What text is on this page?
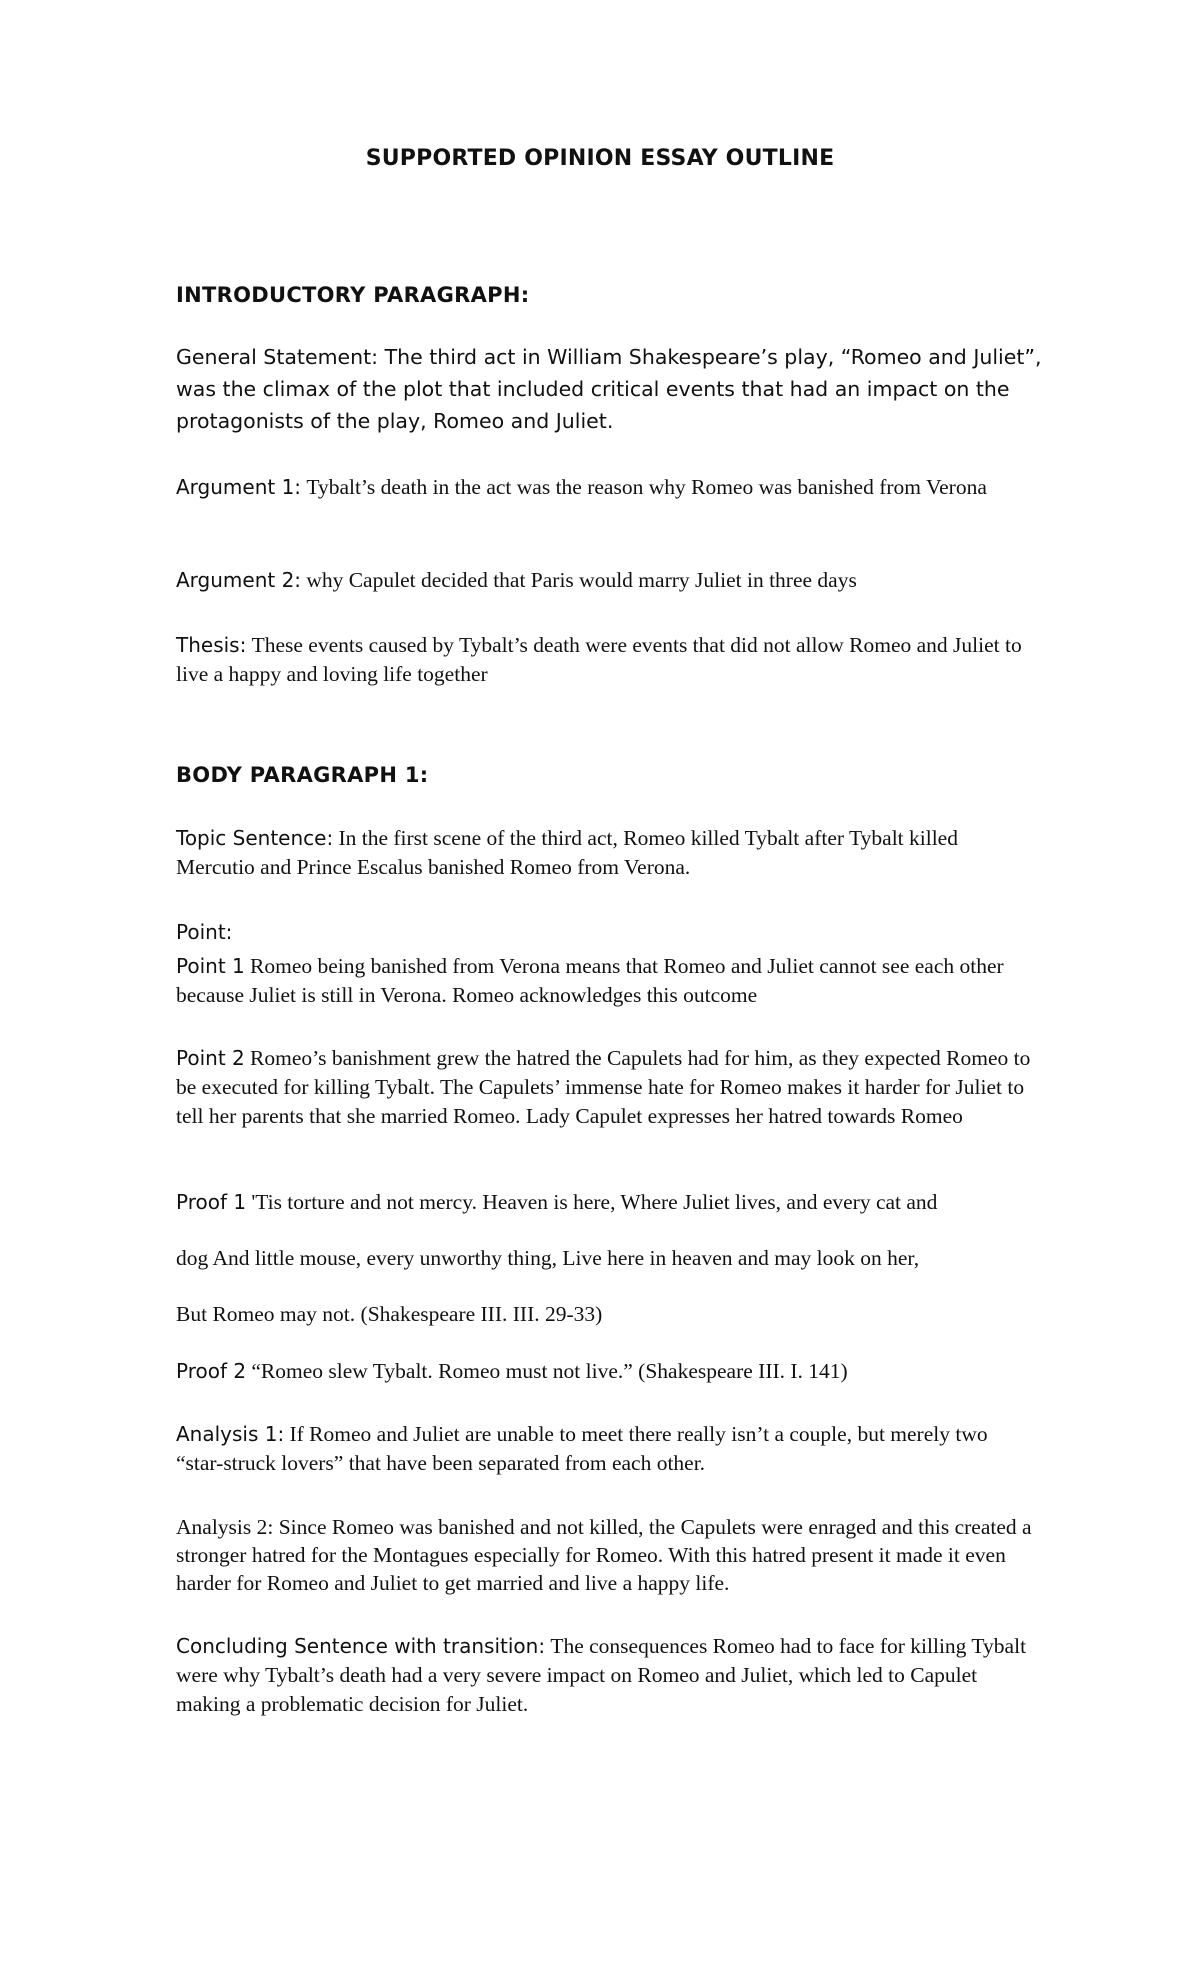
SUPPORTED OPINION ESSAY OUTLINE
INTRODUCTORY PARAGRAPH:
General Statement: The third act in William Shakespeare’s play, “Romeo and Juliet”, was the climax of the plot that included critical events that had an impact on the protagonists of the play, Romeo and Juliet.
Argument 1: Tybalt’s death in the act was the reason why Romeo was banished from Verona
Argument 2: why Capulet decided that Paris would marry Juliet in three days
Thesis: These events caused by Tybalt’s death were events that did not allow Romeo and Juliet to live a happy and loving life together
BODY PARAGRAPH 1:
Topic Sentence: In the first scene of the third act, Romeo killed Tybalt after Tybalt killed Mercutio and Prince Escalus banished Romeo from Verona.
Point:
Point 1 Romeo being banished from Verona means that Romeo and Juliet cannot see each other because Juliet is still in Verona. Romeo acknowledges this outcome
Point 2 Romeo’s banishment grew the hatred the Capulets had for him, as they expected Romeo to be executed for killing Tybalt. The Capulets’ immense hate for Romeo makes it harder for Juliet to tell her parents that she married Romeo. Lady Capulet expresses her hatred towards Romeo
Proof 1 'Tis torture and not mercy. Heaven is here, Where Juliet lives, and every cat and
dog And little mouse, every unworthy thing, Live here in heaven and may look on her,
But Romeo may not. (Shakespeare III. III. 29-33)
Proof 2 “Romeo slew Tybalt. Romeo must not live.” (Shakespeare III. I. 141)
Analysis 1: If Romeo and Juliet are unable to meet there really isn’t a couple, but merely two “star-struck lovers” that have been separated from each other.
Analysis 2: Since Romeo was banished and not killed, the Capulets were enraged and this created a stronger hatred for the Montagues especially for Romeo. With this hatred present it made it even harder for Romeo and Juliet to get married and live a happy life.
Concluding Sentence with transition: The consequences Romeo had to face for killing Tybalt were why Tybalt’s death had a very severe impact on Romeo and Juliet, which led to Capulet making a problematic decision for Juliet.
